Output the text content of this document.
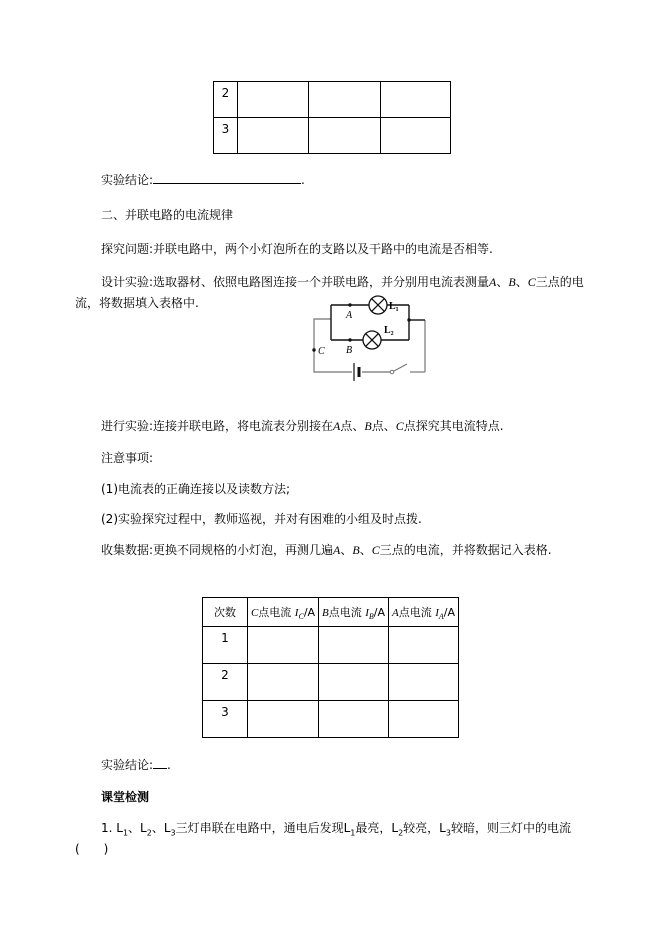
2			
3			
实验结论:	.
二、并联电路的电流规律
探究问题:并联电路中，两个小灯泡所在的支路以及干路中的电流是否相等.
设计实验:选取器材、依照电路图连接一个并联电路，并分别用电流表测量A、B、C三点的电流，将数据填入表格中.
A
B
C
L₁
L₂
进行实验:连接并联电路，将电流表分别接在A点、B点、C点探究其电流特点.
注意事项:
(1)电流表的正确连接以及读数方法;
(2)实验探究过程中，教师巡视，并对有困难的小组及时点拨.
收集数据:更换不同规格的小灯泡，再测几遍A、B、C三点的电流，并将数据记入表格.
次数	C点电流 $I_C/A$	B点电流 $I_B/A$	A点电流 $I_A/A$
1			
2			
3			
实验结论: .
课堂检测
1. $L_1$、$L_2$、$L_3$三灯串联在电路中，通电后发现$L_1$最亮，$L_2$较亮，$L_3$较暗，则三灯中的电流(　　)
